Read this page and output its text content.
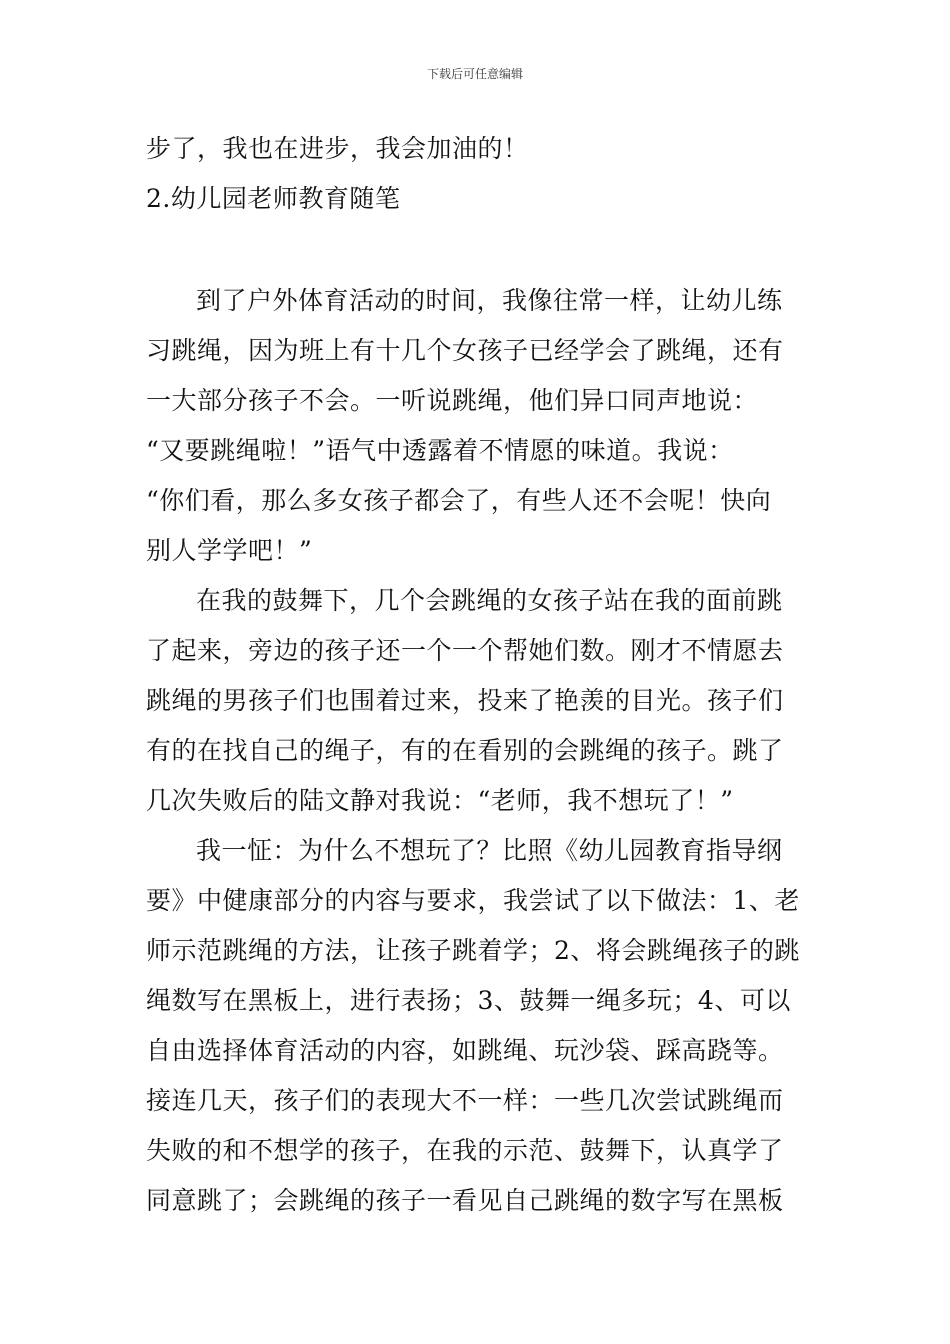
下载后可任意编辑
步了，我也在进步，我会加油的！
2.幼儿园老师教育随笔
到了户外体育活动的时间，我像往常一样，让幼儿练
习跳绳，因为班上有十几个女孩子已经学会了跳绳，还有
一大部分孩子不会。一听说跳绳，他们异口同声地说：
“又要跳绳啦！”语气中透露着不情愿的味道。我说：
“你们看，那么多女孩子都会了，有些人还不会呢！快向
别人学学吧！”
在我的鼓舞下，几个会跳绳的女孩子站在我的面前跳
了起来，旁边的孩子还一个一个帮她们数。刚才不情愿去
跳绳的男孩子们也围着过来，投来了艳羡的目光。孩子们
有的在找自己的绳子，有的在看别的会跳绳的孩子。跳了
几次失败后的陆文静对我说：“老师，我不想玩了！”
我一怔：为什么不想玩了？比照《幼儿园教育指导纲
要》中健康部分的内容与要求，我尝试了以下做法：1、老
师示范跳绳的方法，让孩子跳着学；2、将会跳绳孩子的跳
绳数写在黑板上，进行表扬；3、鼓舞一绳多玩；4、可以
自由选择体育活动的内容，如跳绳、玩沙袋、踩高跷等。
接连几天，孩子们的表现大不一样：一些几次尝试跳绳而
失败的和不想学的孩子，在我的示范、鼓舞下，认真学了
同意跳了；会跳绳的孩子一看见自己跳绳的数字写在黑板
